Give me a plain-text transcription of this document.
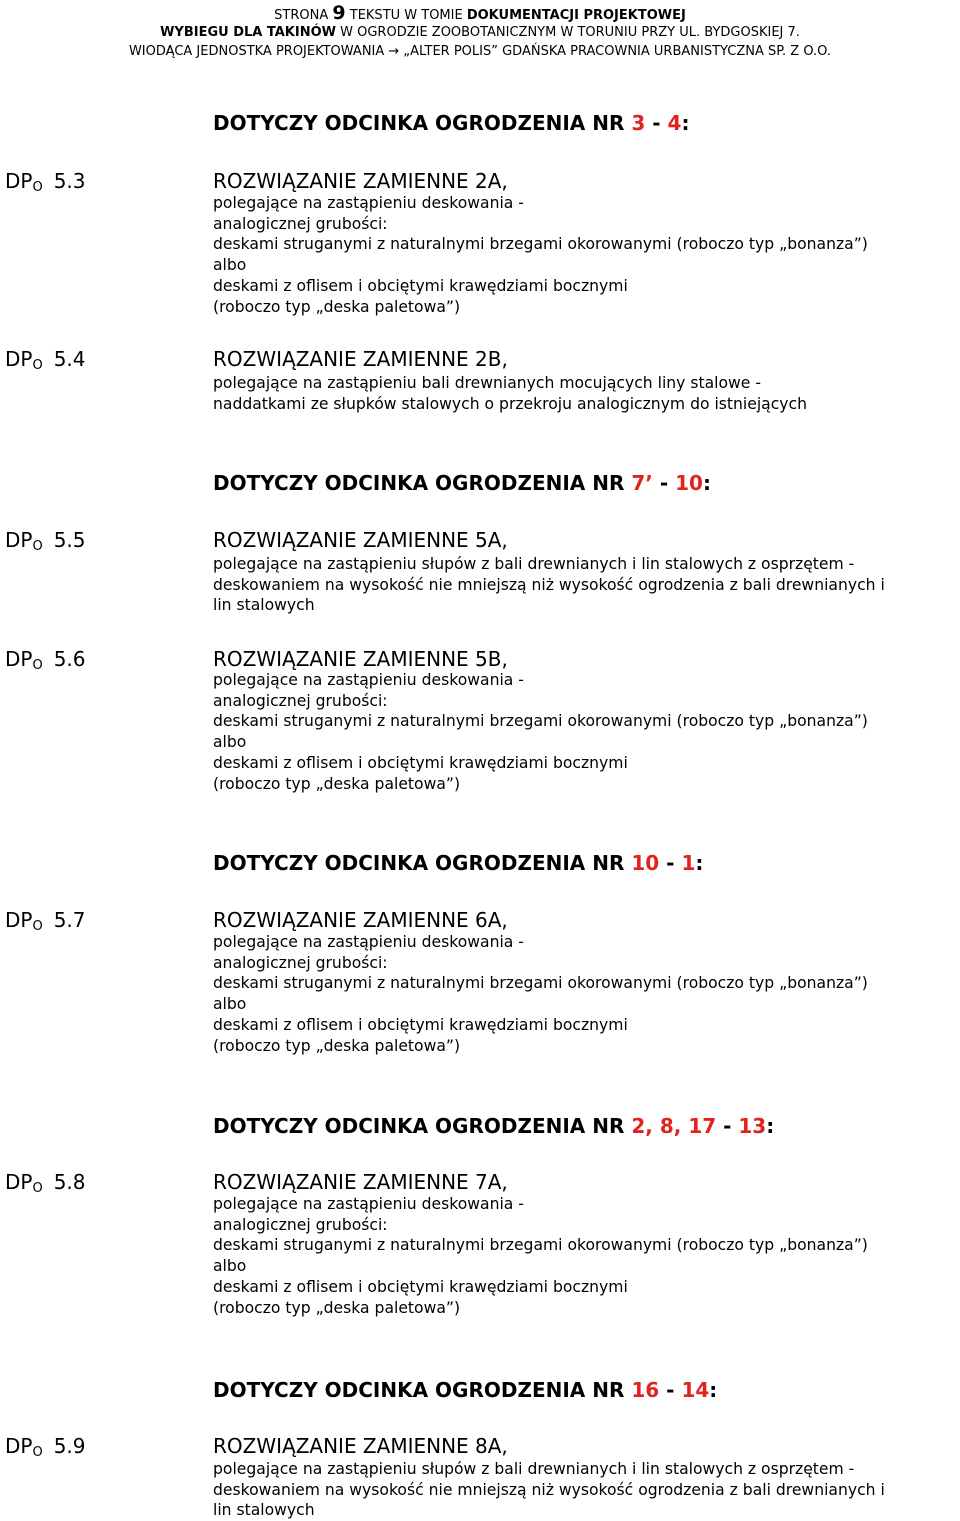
STRONA 9 TEKSTU W TOMIE DOKUMENTACJI PROJEKTOWEJ
WYBIEGU DLA TAKINÓW W OGRODZIE ZOOBOTANICZNYM W TORUNIU PRZY UL. BYDGOSKIEJ 7.
WIODĄCA JEDNOSTKA PROJEKTOWANIA → „ALTER POLIS” GDAŃSKA PRACOWNIA URBANISTYCZNA SP. Z O.O.
DOTYCZY ODCINKA OGRODZENIA NR 3 - 4:
$DP_O$ 5.3	ROZWIĄZANIE ZAMIENNE 2A,
polegające na zastąpieniu deskowania -
analogicznej grubości:
deskami struganymi z naturalnymi brzegami okorowanymi (roboczo typ „bonanza”)
albo
deskami z oflisem i obciętymi krawędziami bocznymi
(roboczo typ „deska paletowa”)
$DP_O$ 5.4	ROZWIĄZANIE ZAMIENNE 2B,
polegające na zastąpieniu bali drewnianych mocujących liny stalowe -
naddatkami ze słupków stalowych o przekroju analogicznym do istniejących
DOTYCZY ODCINKA OGRODZENIA NR 7’ - 10:
$DP_O$ 5.5	ROZWIĄZANIE ZAMIENNE 5A,
polegające na zastąpieniu słupów z bali drewnianych i lin stalowych z osprzętem -
deskowaniem na wysokość nie mniejszą niż wysokość ogrodzenia z bali drewnianych i
lin stalowych
$DP_O$ 5.6	ROZWIĄZANIE ZAMIENNE 5B,
polegające na zastąpieniu deskowania -
analogicznej grubości:
deskami struganymi z naturalnymi brzegami okorowanymi (roboczo typ „bonanza”)
albo
deskami z oflisem i obciętymi krawędziami bocznymi
(roboczo typ „deska paletowa”)
DOTYCZY ODCINKA OGRODZENIA NR 10 - 1:
$DP_O$ 5.7	ROZWIĄZANIE ZAMIENNE 6A,
polegające na zastąpieniu deskowania -
analogicznej grubości:
deskami struganymi z naturalnymi brzegami okorowanymi (roboczo typ „bonanza”)
albo
deskami z oflisem i obciętymi krawędziami bocznymi
(roboczo typ „deska paletowa”)
DOTYCZY ODCINKA OGRODZENIA NR 2, 8, 17 - 13:
$DP_O$ 5.8	ROZWIĄZANIE ZAMIENNE 7A,
polegające na zastąpieniu deskowania -
analogicznej grubości:
deskami struganymi z naturalnymi brzegami okorowanymi (roboczo typ „bonanza”)
albo
deskami z oflisem i obciętymi krawędziami bocznymi
(roboczo typ „deska paletowa”)
DOTYCZY ODCINKA OGRODZENIA NR 16 - 14:
$DP_O$ 5.9	ROZWIĄZANIE ZAMIENNE 8A,
polegające na zastąpieniu słupów z bali drewnianych i lin stalowych z osprzętem -
deskowaniem na wysokość nie mniejszą niż wysokość ogrodzenia z bali drewnianych i
lin stalowych
